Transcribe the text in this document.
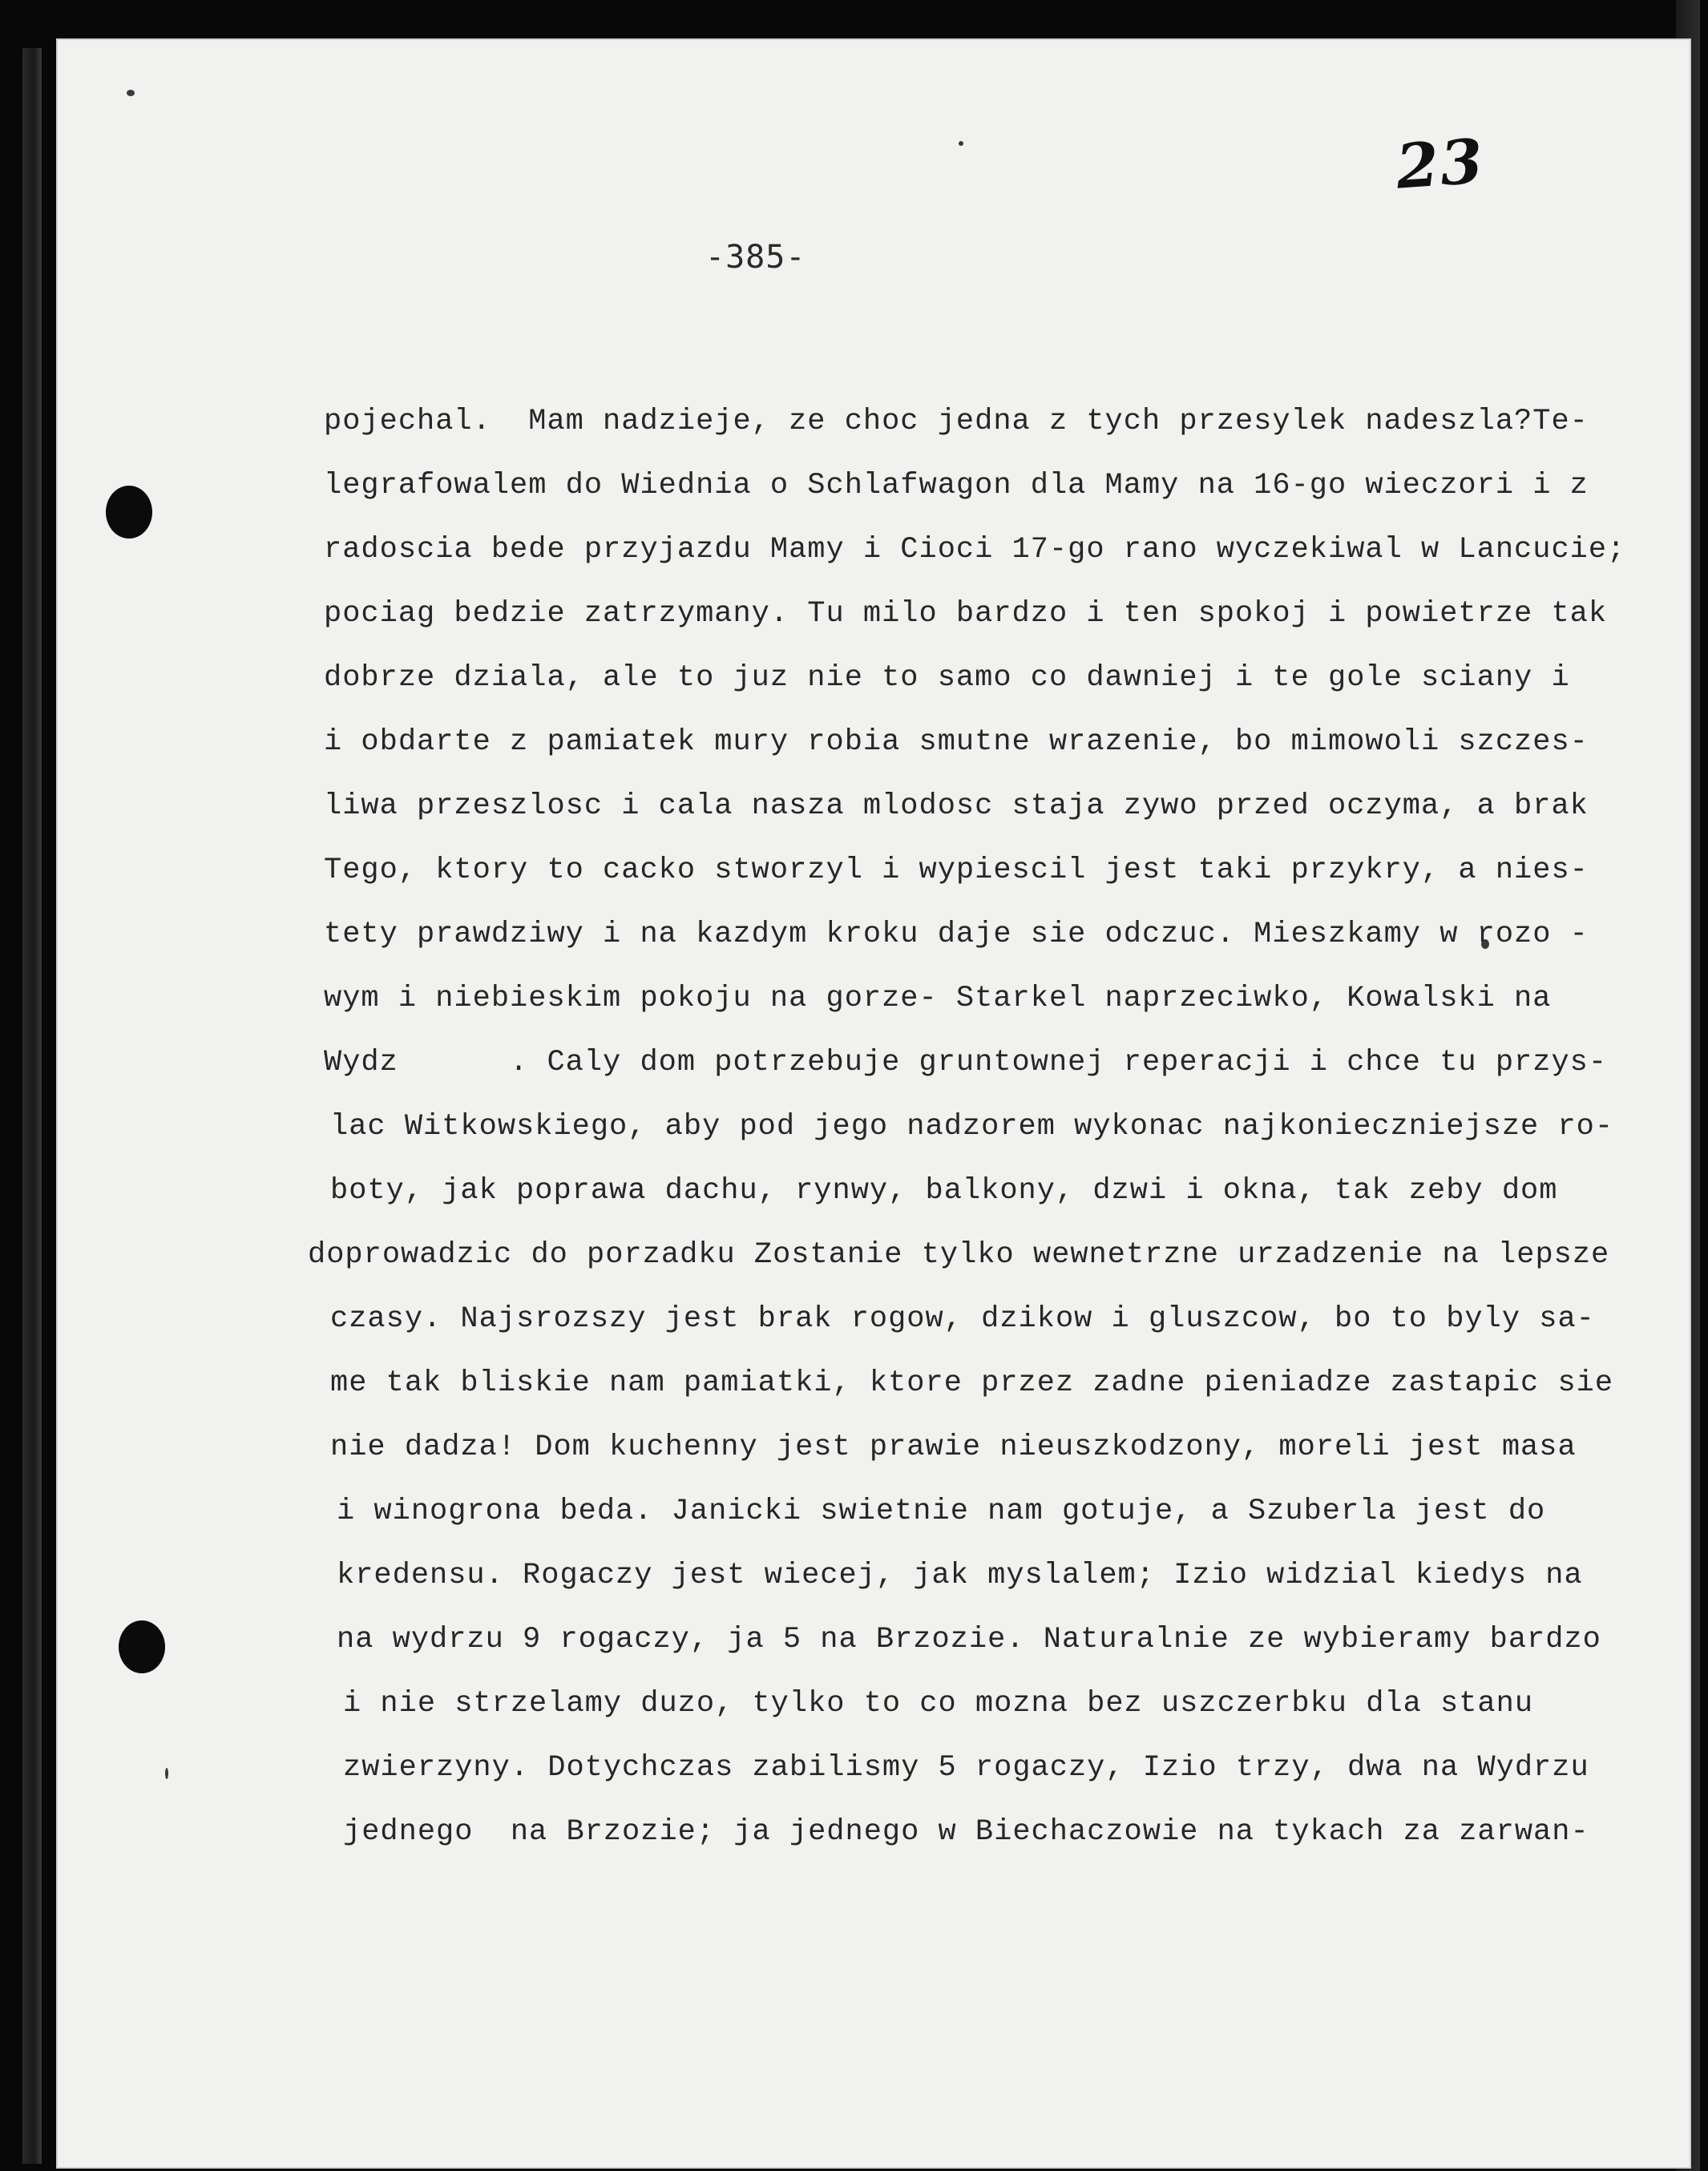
23
-385-
pojechal.  Mam nadzieje, ze choc jedna z tych przesylek nadeszla?Te-
legrafowalem do Wiednia o Schlafwagon dla Mamy na 16-go wieczori i z
radoscia bede przyjazdu Mamy i Cioci 17-go rano wyczekiwal w Lancucie;
pociag bedzie zatrzymany. Tu milo bardzo i ten spokoj i powietrze tak
dobrze dziala, ale to juz nie to samo co dawniej i te gole sciany i
i obdarte z pamiatek mury robia smutne wrazenie, bo mimowoli szczes-
liwa przeszlosc i cala nasza mlodosc staja zywo przed oczyma, a brak
Tego, ktory to cacko stworzyl i wypiescil jest taki przykry, a nies-
tety prawdziwy i na kazdym kroku daje sie odczuc. Mieszkamy w rozo -
wym i niebieskim pokoju na gorze- Starkel naprzeciwko, Kowalski na
Wydz      . Caly dom potrzebuje gruntownej reperacji i chce tu przys-
lac Witkowskiego, aby pod jego nadzorem wykonac najkonieczniejsze ro-
boty, jak poprawa dachu, rynwy, balkony, dzwi i okna, tak zeby dom
doprowadzic do porzadku Zostanie tylko wewnetrzne urzadzenie na lepsze
czasy. Najsrozszy jest brak rogow, dzikow i gluszcow, bo to byly sa-
me tak bliskie nam pamiatki, ktore przez zadne pieniadze zastapic sie
nie dadza! Dom kuchenny jest prawie nieuszkodzony, moreli jest masa
i winogrona beda. Janicki swietnie nam gotuje, a Szuberla jest do
kredensu. Rogaczy jest wiecej, jak myslalem; Izio widzial kiedys na
na wydrzu 9 rogaczy, ja 5 na Brzozie. Naturalnie ze wybieramy bardzo
i nie strzelamy duzo, tylko to co mozna bez uszczerbku dla stanu
zwierzyny. Dotychczas zabilismy 5 rogaczy, Izio trzy, dwa na Wydrzu
jednego  na Brzozie; ja jednego w Biechaczowie na tykach za zarwan-
